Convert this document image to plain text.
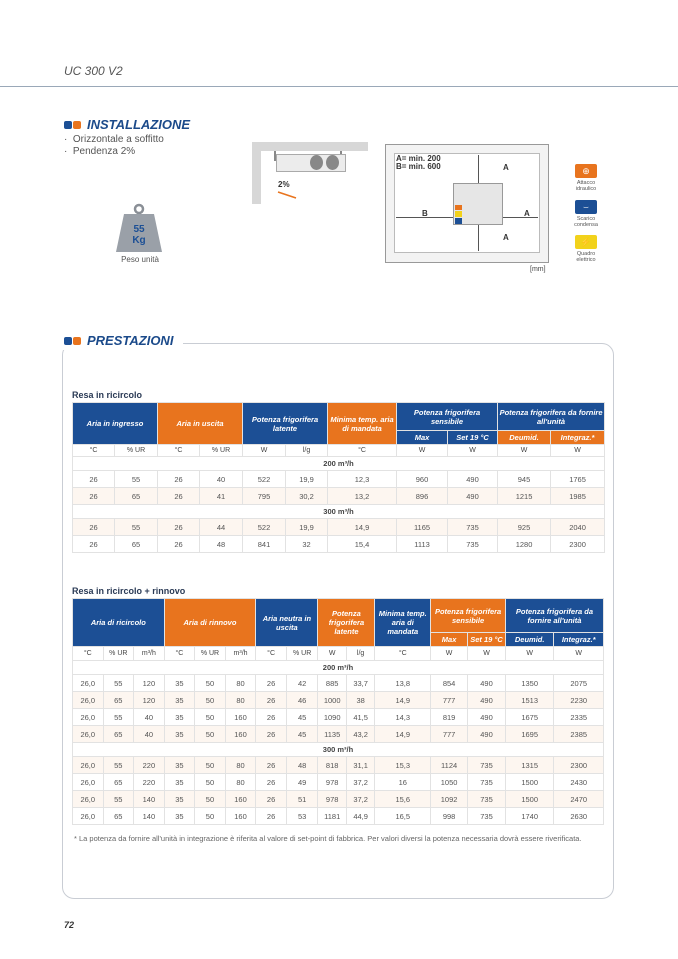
UC 300 V2
INSTALLAZIONE
·  Orizzontale a soffitto
·  Pendenza 2%
55
Kg
Peso unità
2%
A= min. 200
B= min. 600	A
B	A
A
[mm]
⊕
Attacco idraulico
⌣
Scarico condensa
⚡
Quadro elettrico
PRESTAZIONI
Resa in ricircolo
Aria in ingresso		Aria in uscita		Potenza frigorifera latente		Minima temp. aria di mandata	Potenza frigorifera sensibile		Potenza frigorifera da fornire all'unità	
							Max	Set 19 °C	Deumid.	Integraz.*
°C	% UR	°C	% UR	W	l/g	°C	W	W	W	W
200 m³/h										
26	55	26	40	522	19,9	12,3	960	490	945	1765
26	65	26	41	795	30,2	13,2	896	490	1215	1985
300 m³/h										
26	55	26	44	522	19,9	14,9	1165	735	925	2040
26	65	26	48	841	32	15,4	1113	735	1280	2300
Resa in ricircolo + rinnovo
Aria di ricircolo			Aria di rinnovo			Aria neutra in uscita		Potenza frigorifera latente		Minima temp. aria di mandata	Potenza frigorifera sensibile		Potenza frigorifera da fornire all'unità	
											Max	Set 19 °C	Deumid.	Integraz.*
°C	% UR	m³/h	°C	% UR	m³/h	°C	% UR	W	l/g	°C	W	W	W	W
200 m³/h														
26,0	55	120	35	50	80	26	42	885	33,7	13,8	854	490	1350	2075
26,0	65	120	35	50	80	26	46	1000	38	14,9	777	490	1513	2230
26,0	55	40	35	50	160	26	45	1090	41,5	14,3	819	490	1675	2335
26,0	65	40	35	50	160	26	45	1135	43,2	14,9	777	490	1695	2385
300 m³/h														
26,0	55	220	35	50	80	26	48	818	31,1	15,3	1124	735	1315	2300
26,0	65	220	35	50	80	26	49	978	37,2	16	1050	735	1500	2430
26,0	55	140	35	50	160	26	51	978	37,2	15,6	1092	735	1500	2470
26,0	65	140	35	50	160	26	53	1181	44,9	16,5	998	735	1740	2630
* La potenza da fornire all'unità in integrazione è riferita al valore di set-point di fabbrica. Per valori diversi la potenza necessaria dovrà essere riverificata.
72
